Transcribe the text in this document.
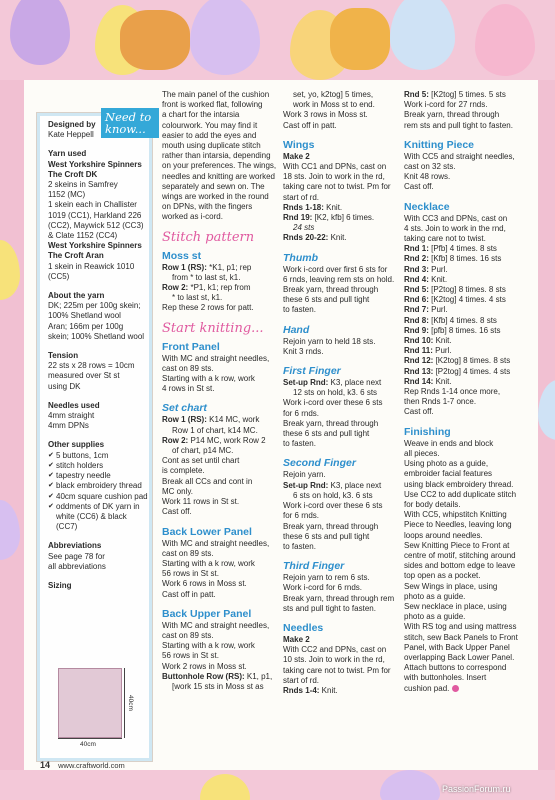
Need to know...

Designed by

Kate Heppell

Yarn used

West Yorkshire Spinners The Croft DK

2 skeins in Samfrey

1152 (MC)

1 skein each in Challister

1019 (CC1), Harkland 226

(CC2), Maywick 512 (CC3)

& Clate 1152 (CC4)

West Yorkshire Spinners The Croft Aran

1 skein in Reawick 1010

(CC5)

About the yarn

DK; 225m per 100g skein;

100% Shetland wool

Aran; 166m per 100g

skein; 100% Shetland wool

Tension

22 sts x 28 rows = 10cm

measured over St st

using DK

Needles used

4mm straight

4mm DPNs

Other supplies

✔ 5 buttons, 1cm

✔ stitch holders

✔ tapestry needle

✔ black embroidery thread

✔ 40cm square cushion pad

✔ oddments of DK yarn in white (CC6) & black (CC7)

Abbreviations

See page 78 for

all abbreviations

Sizing

40cm
40cm

The main panel of the cushion

front is worked flat, following

a chart for the intarsia

colourwork. You may find it

easier to add the eyes and

mouth using duplicate stitch

rather than intarsia, depending

on your preferences. The wings,

needles and knitting are worked

separately and sewn on. The

wings are worked in the round

on DPNs, with the fingers

worked as i-cord.

Stitch pattern

Moss st

Row 1 (RS): *K1, p1; rep

from * to last st, k1.

Row 2: *P1, k1; rep from

* to last st, k1.

Rep these 2 rows for patt.

Start knitting...

Front Panel

With MC and straight needles,

cast on 89 sts.

Starting with a k row, work

4 rows in St st.

Set chart

Row 1 (RS): K14 MC, work

Row 1 of chart, k14 MC.

Row 2: P14 MC, work Row 2

of chart, p14 MC.

Cont as set until chart

is complete.

Break all CCs and cont in

MC only.

Work 11 rows in St st.

Cast off.

Back Lower Panel

With MC and straight needles,

cast on 89 sts.

Starting with a k row, work

56 rows in St st.

Work 6 rows in Moss st.

Cast off in patt.

Back Upper Panel

With MC and straight needles,

cast on 89 sts.

Starting with a k row, work

56 rows in St st.

Work 2 rows in Moss st.

Buttonhole Row (RS): K1, p1,

[work 15 sts in Moss st as

set, yo, k2tog] 5 times,

work in Moss st to end.

Work 3 rows in Moss st.

Cast off in patt.

Wings

Make 2

With CC1 and DPNs, cast on

18 sts. Join to work in the rd,

taking care not to twist. Pm for

start of rd.

Rnds 1-18: Knit.

Rnd 19: [K2, kfb] 6 times.

24 sts

Rnds 20-22: Knit.

Thumb

Work i-cord over first 6 sts for

6 rnds, leaving rem sts on hold.

Break yarn, thread through

these 6 sts and pull tight

to fasten.

Hand

Rejoin yarn to held 18 sts.

Knit 3 rnds.

First Finger

Set-up Rnd: K3, place next

12 sts on hold, k3. 6 sts

Work i-cord over these 6 sts

for 6 rnds.

Break yarn, thread through

these 6 sts and pull tight

to fasten.

Second Finger

Rejoin yarn.

Set-up Rnd: K3, place next

6 sts on hold, k3. 6 sts

Work i-cord over these 6 sts

for 6 rnds.

Break yarn, thread through

these 6 sts and pull tight

to fasten.

Third Finger

Rejoin yarn to rem 6 sts.

Work i-cord for 6 rnds.

Break yarn, thread through rem

sts and pull tight to fasten.

Needles

Make 2

With CC2 and DPNs, cast on

10 sts. Join to work in the rd,

taking care not to twist. Pm for

start of rd.

Rnds 1-4: Knit.

Rnd 5: [K2tog] 5 times. 5 sts

Work i-cord for 27 rnds.

Break yarn, thread through

rem sts and pull tight to fasten.

Knitting Piece

With CC5 and straight needles,

cast on 32 sts.

Knit 48 rows.

Cast off.

Necklace

With CC3 and DPNs, cast on

4 sts. Join to work in the rnd,

taking care not to twist.

Rnd 1: [Pfb] 4 times. 8 sts

Rnd 2: [Kfb] 8 times. 16 sts

Rnd 3: Purl.

Rnd 4: Knit.

Rnd 5: [P2tog] 8 times. 8 sts

Rnd 6: [K2tog] 4 times. 4 sts

Rnd 7: Purl.

Rnd 8: [Kfb] 4 times. 8 sts

Rnd 9: [pfb] 8 times. 16 sts

Rnd 10: Knit.

Rnd 11: Purl.

Rnd 12: [K2tog] 8 times. 8 sts

Rnd 13: [P2tog] 4 times. 4 sts

Rnd 14: Knit.

Rep Rnds 1-14 once more,

then Rnds 1-7 once.

Cast off.

Finishing

Weave in ends and block

all pieces.

Using photo as a guide,

embroider facial features

using black embroidery thread.

Use CC2 to add duplicate stitch

for body details.

With CC5, whipstitch Knitting

Piece to Needles, leaving long

loops around needles.

Sew Knitting Piece to Front at

centre of motif, stitching around

sides and bottom edge to leave

top open as a pocket.

Sew Wings in place, using

photo as a guide.

Sew necklace in place, using

photo as a guide.

With RS tog and using mattress

stitch, sew Back Panels to Front

Panel, with Back Upper Panel

overlapping Back Lower Panel.

Attach buttons to correspond

with buttonholes. Insert

cushion pad.

14 www.craftworld.com
PassionForum.ru
